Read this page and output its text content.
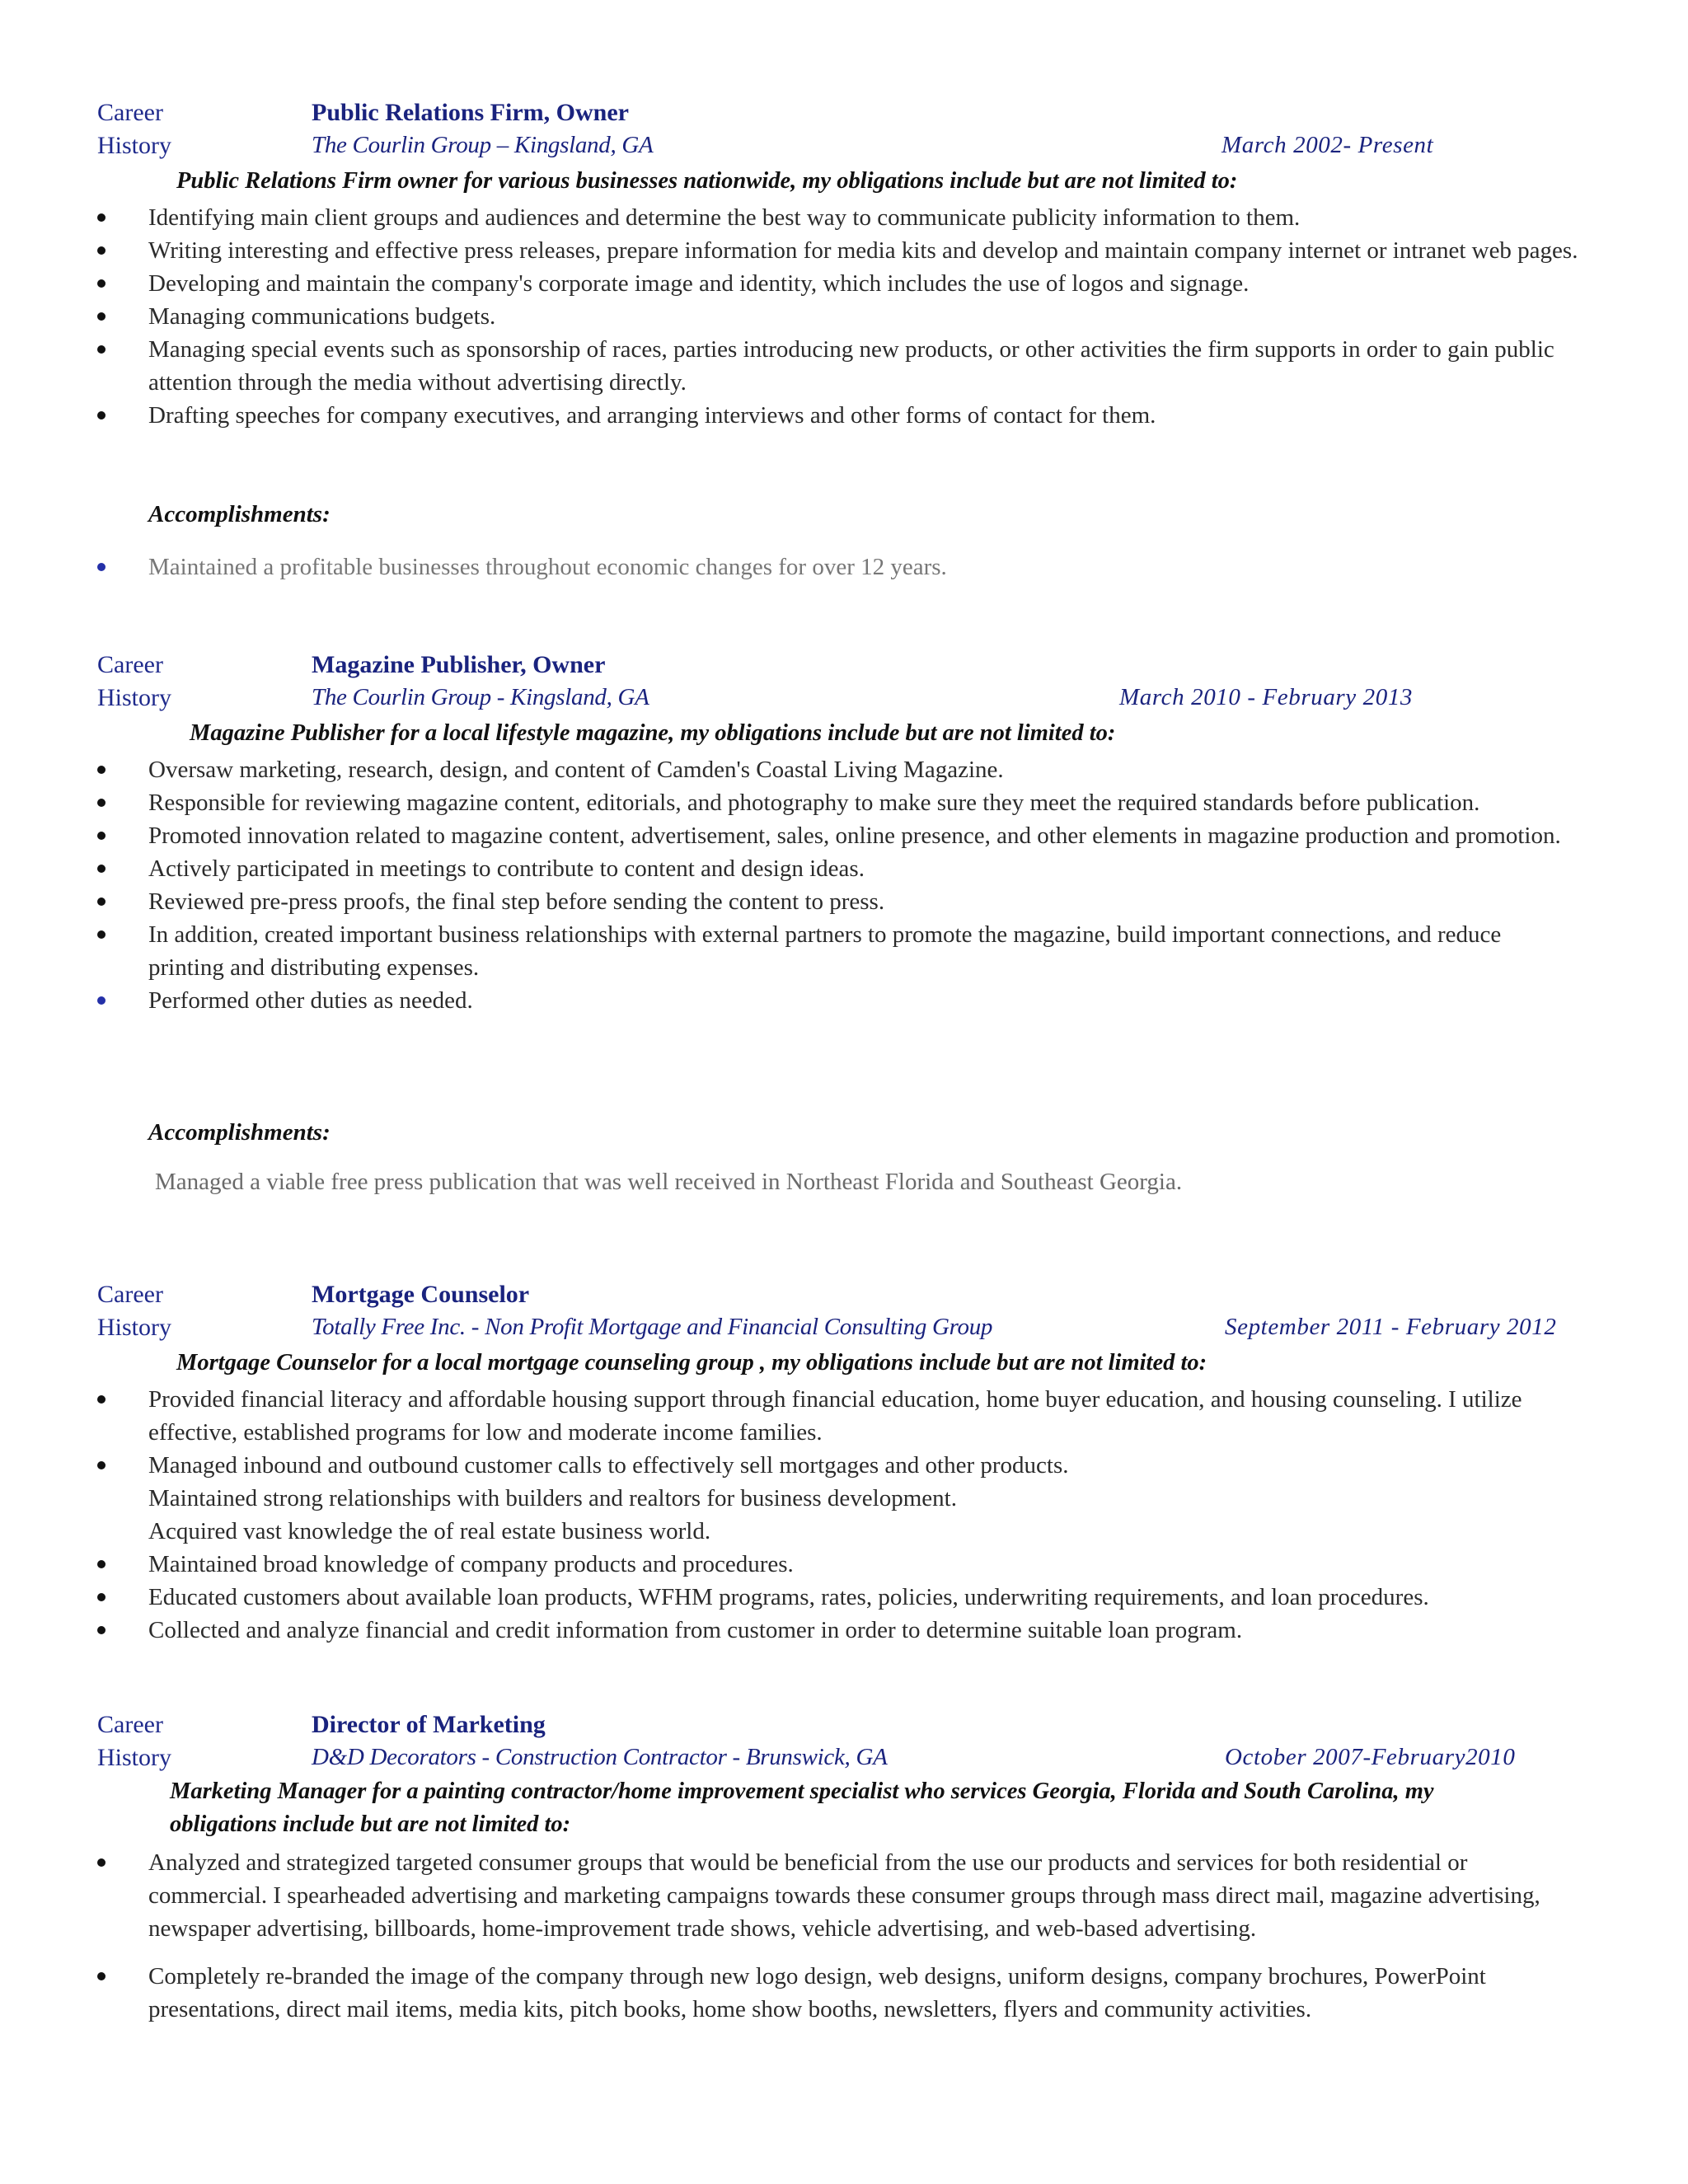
Career
History
Public Relations Firm, Owner
The Courlin Group – Kingsland, GA	March 2002- Present
Public Relations Firm owner for various businesses nationwide, my obligations include but are not limited to:
Identifying main client groups and audiences and determine the best way to communicate publicity information to them.
Writing interesting and effective press releases, prepare information for media kits and develop and maintain company internet or intranet web pages.
Developing and maintain the company's corporate image and identity, which includes the use of logos and signage.
Managing communications budgets.
Managing special events such as sponsorship of races, parties introducing new products, or other activities the firm supports in order to gain public attention through the media without advertising directly.
Drafting speeches for company executives, and arranging interviews and other forms of contact for them.
Accomplishments:
Maintained a profitable businesses throughout economic changes for over 12 years.
Career
History
Magazine Publisher, Owner
The Courlin Group - Kingsland, GA	March 2010 - February 2013
Magazine Publisher for a local lifestyle magazine, my obligations include but are not limited to:
Oversaw marketing, research, design, and content of Camden's Coastal Living Magazine.
Responsible for reviewing magazine content, editorials, and photography to make sure they meet the required standards before publication.
Promoted innovation related to magazine content, advertisement, sales, online presence, and other elements in magazine production and promotion.
Actively participated in meetings to contribute to content and design ideas.
Reviewed pre-press proofs, the final step before sending the content to press.
In addition, created important business relationships with external partners to promote the magazine, build important connections, and reduce printing and distributing expenses.
Performed other duties as needed.
Accomplishments:
Managed a viable free press publication that was well received in Northeast Florida and Southeast Georgia.
Career
History
Mortgage Counselor
Totally Free Inc. - Non Profit Mortgage and Financial Consulting Group	September 2011 - February 2012
Mortgage Counselor for a local mortgage counseling group , my obligations include but are not limited to:
Provided financial literacy and affordable housing support through financial education, home buyer education, and housing counseling. I utilize effective, established programs for low and moderate income families.
Managed inbound and outbound customer calls to effectively sell mortgages and other products.
Maintained strong relationships with builders and realtors for business development.
Acquired vast knowledge the of real estate business world.
Maintained broad knowledge of company products and procedures.
Educated customers about available loan products, WFHM programs, rates, policies, underwriting requirements, and loan procedures.
Collected and analyze financial and credit information from customer in order to determine suitable loan program.
Career
History
Director of Marketing
D&D Decorators - Construction Contractor - Brunswick, GA	October 2007-February2010
Marketing Manager for a painting contractor/home improvement specialist who services Georgia, Florida and South Carolina, my obligations include but are not limited to:
Analyzed and strategized targeted consumer groups that would be beneficial from the use our products and services for both residential or commercial. I spearheaded advertising and marketing campaigns towards these consumer groups through mass direct mail, magazine advertising, newspaper advertising, billboards, home-improvement trade shows, vehicle advertising, and web-based advertising.
Completely re-branded the image of the company through new logo design, web designs, uniform designs, company brochures, PowerPoint presentations, direct mail items, media kits, pitch books, home show booths, newsletters, flyers and community activities.
